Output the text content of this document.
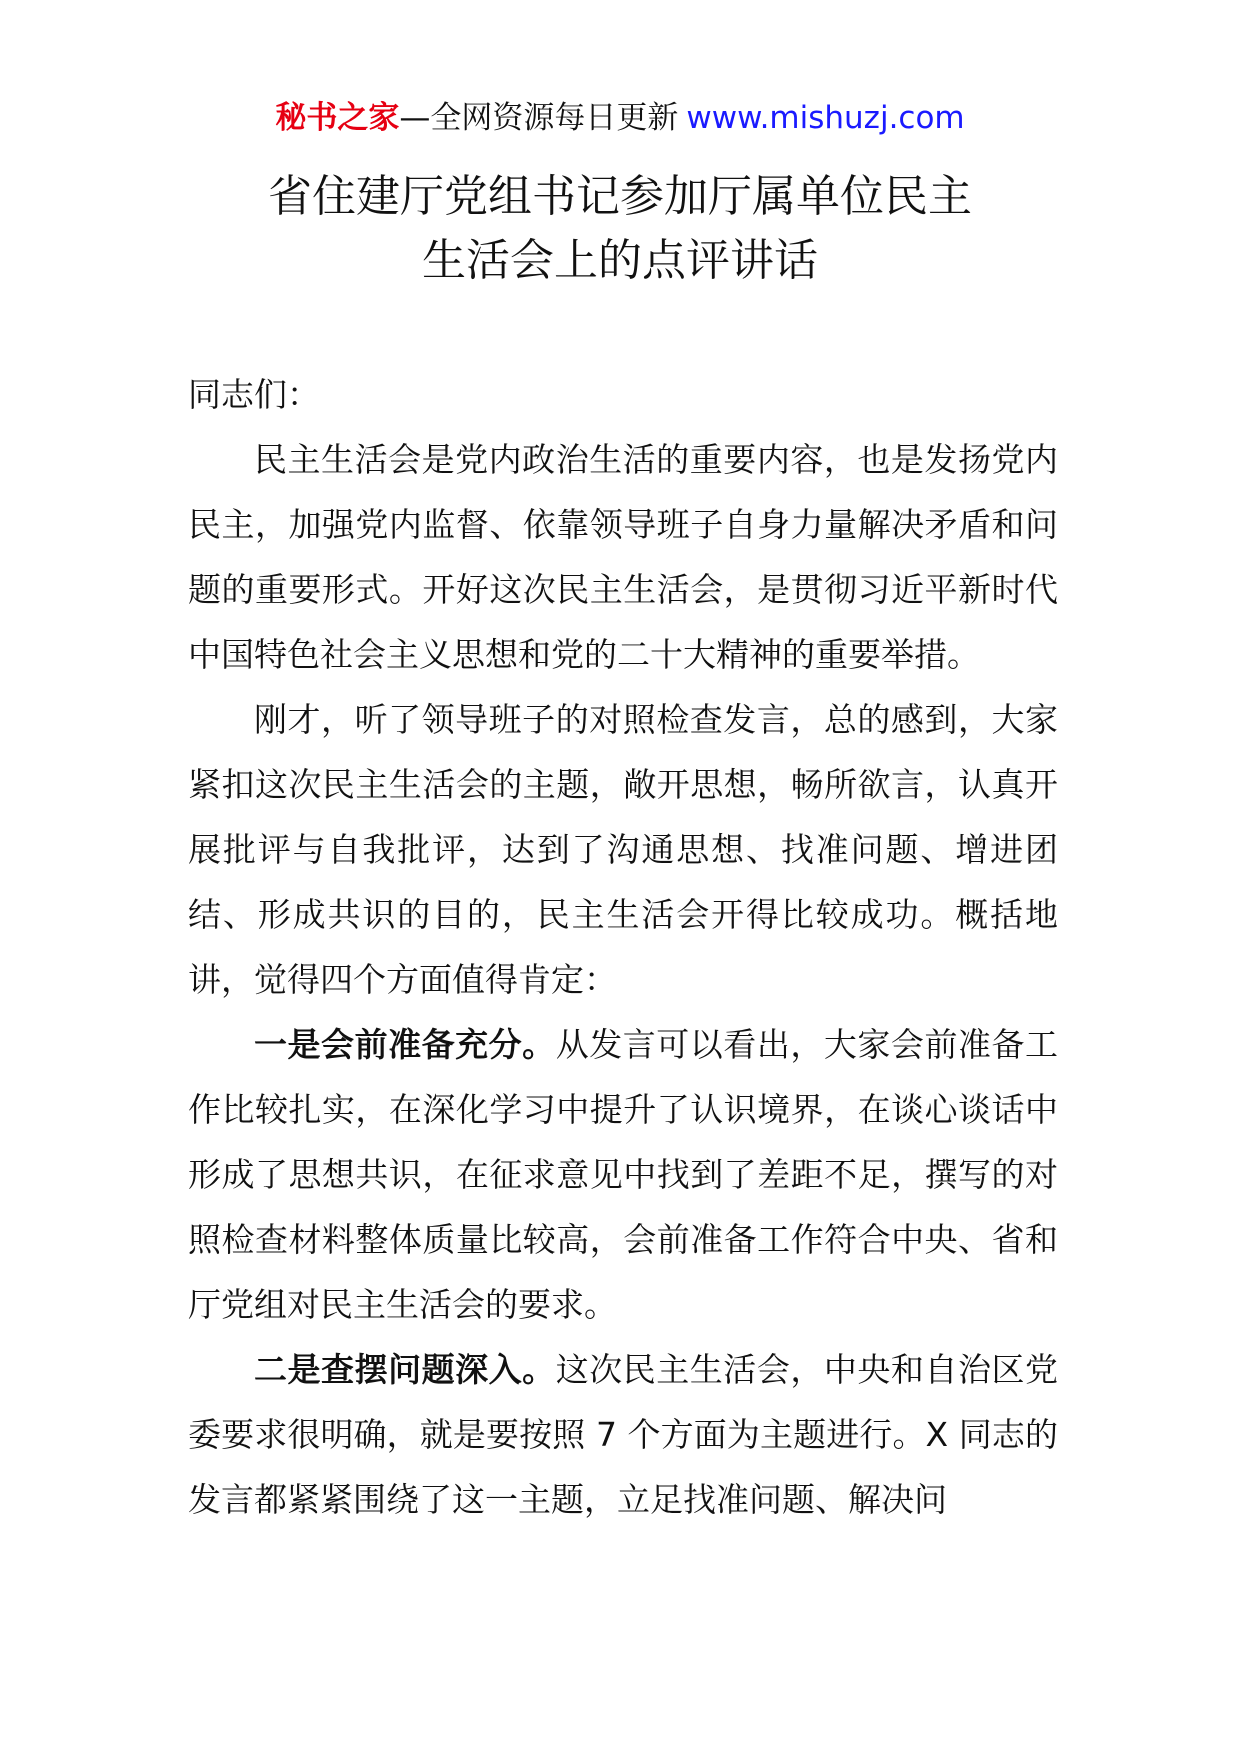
秘书之家—全网资源每日更新 www.mishuzj.com
省住建厅党组书记参加厅属单位民主
生活会上的点评讲话

同志们：

民主生活会是党内政治生活的重要内容，也是发扬党内民主，加强党内监督、依靠领导班子自身力量解决矛盾和问题的重要形式。开好这次民主生活会，是贯彻习近平新时代中国特色社会主义思想和党的二十大精神的重要举措。

刚才，听了领导班子的对照检查发言，总的感到，大家紧扣这次民主生活会的主题，敞开思想，畅所欲言，认真开展批评与自我批评，达到了沟通思想、找准问题、增进团结、形成共识的目的，民主生活会开得比较成功。概括地讲，觉得四个方面值得肯定：

一是会前准备充分。从发言可以看出，大家会前准备工作比较扎实，在深化学习中提升了认识境界，在谈心谈话中形成了思想共识，在征求意见中找到了差距不足，撰写的对照检查材料整体质量比较高，会前准备工作符合中央、省和厅党组对民主生活会的要求。

二是查摆问题深入。这次民主生活会，中央和自治区党委要求很明确，就是要按照 7 个方面为主题进行。X 同志的发言都紧紧围绕了这一主题，立足找准问题、解决问
